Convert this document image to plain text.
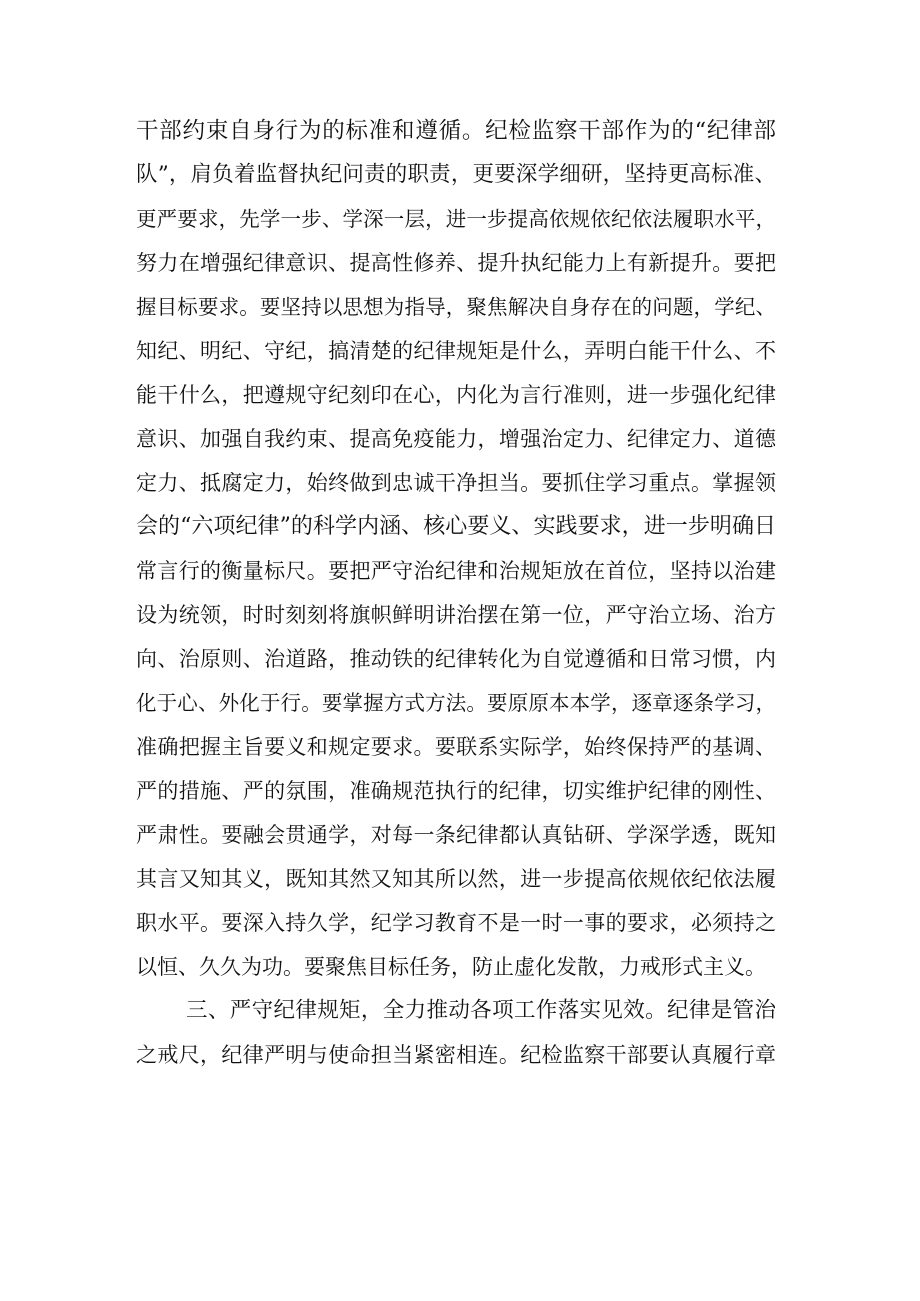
干部约束自身行为的标准和遵循。纪检监察干部作为的“纪律部
队”，肩负着监督执纪问责的职责，更要深学细研，坚持更高标准、
更严要求，先学一步、学深一层，进一步提高依规依纪依法履职水平，
努力在增强纪律意识、提高性修养、提升执纪能力上有新提升。要把
握目标要求。要坚持以思想为指导，聚焦解决自身存在的问题，学纪、
知纪、明纪、守纪，搞清楚的纪律规矩是什么，弄明白能干什么、不
能干什么，把遵规守纪刻印在心，内化为言行准则，进一步强化纪律
意识、加强自我约束、提高免疫能力，增强治定力、纪律定力、道德
定力、抵腐定力，始终做到忠诚干净担当。要抓住学习重点。掌握领
会的“六项纪律”的科学内涵、核心要义、实践要求，进一步明确日
常言行的衡量标尺。要把严守治纪律和治规矩放在首位，坚持以治建
设为统领，时时刻刻将旗帜鲜明讲治摆在第一位，严守治立场、治方
向、治原则、治道路，推动铁的纪律转化为自觉遵循和日常习惯，内
化于心、外化于行。要掌握方式方法。要原原本本学，逐章逐条学习，
准确把握主旨要义和规定要求。要联系实际学，始终保持严的基调、
严的措施、严的氛围，准确规范执行的纪律，切实维护纪律的刚性、
严肃性。要融会贯通学，对每一条纪律都认真钻研、学深学透，既知
其言又知其义，既知其然又知其所以然，进一步提高依规依纪依法履
职水平。要深入持久学，纪学习教育不是一时一事的要求，必须持之
以恒、久久为功。要聚焦目标任务，防止虚化发散，力戒形式主义。
三、严守纪律规矩，全力推动各项工作落实见效。纪律是管治
之戒尺，纪律严明与使命担当紧密相连。纪检监察干部要认真履行章
